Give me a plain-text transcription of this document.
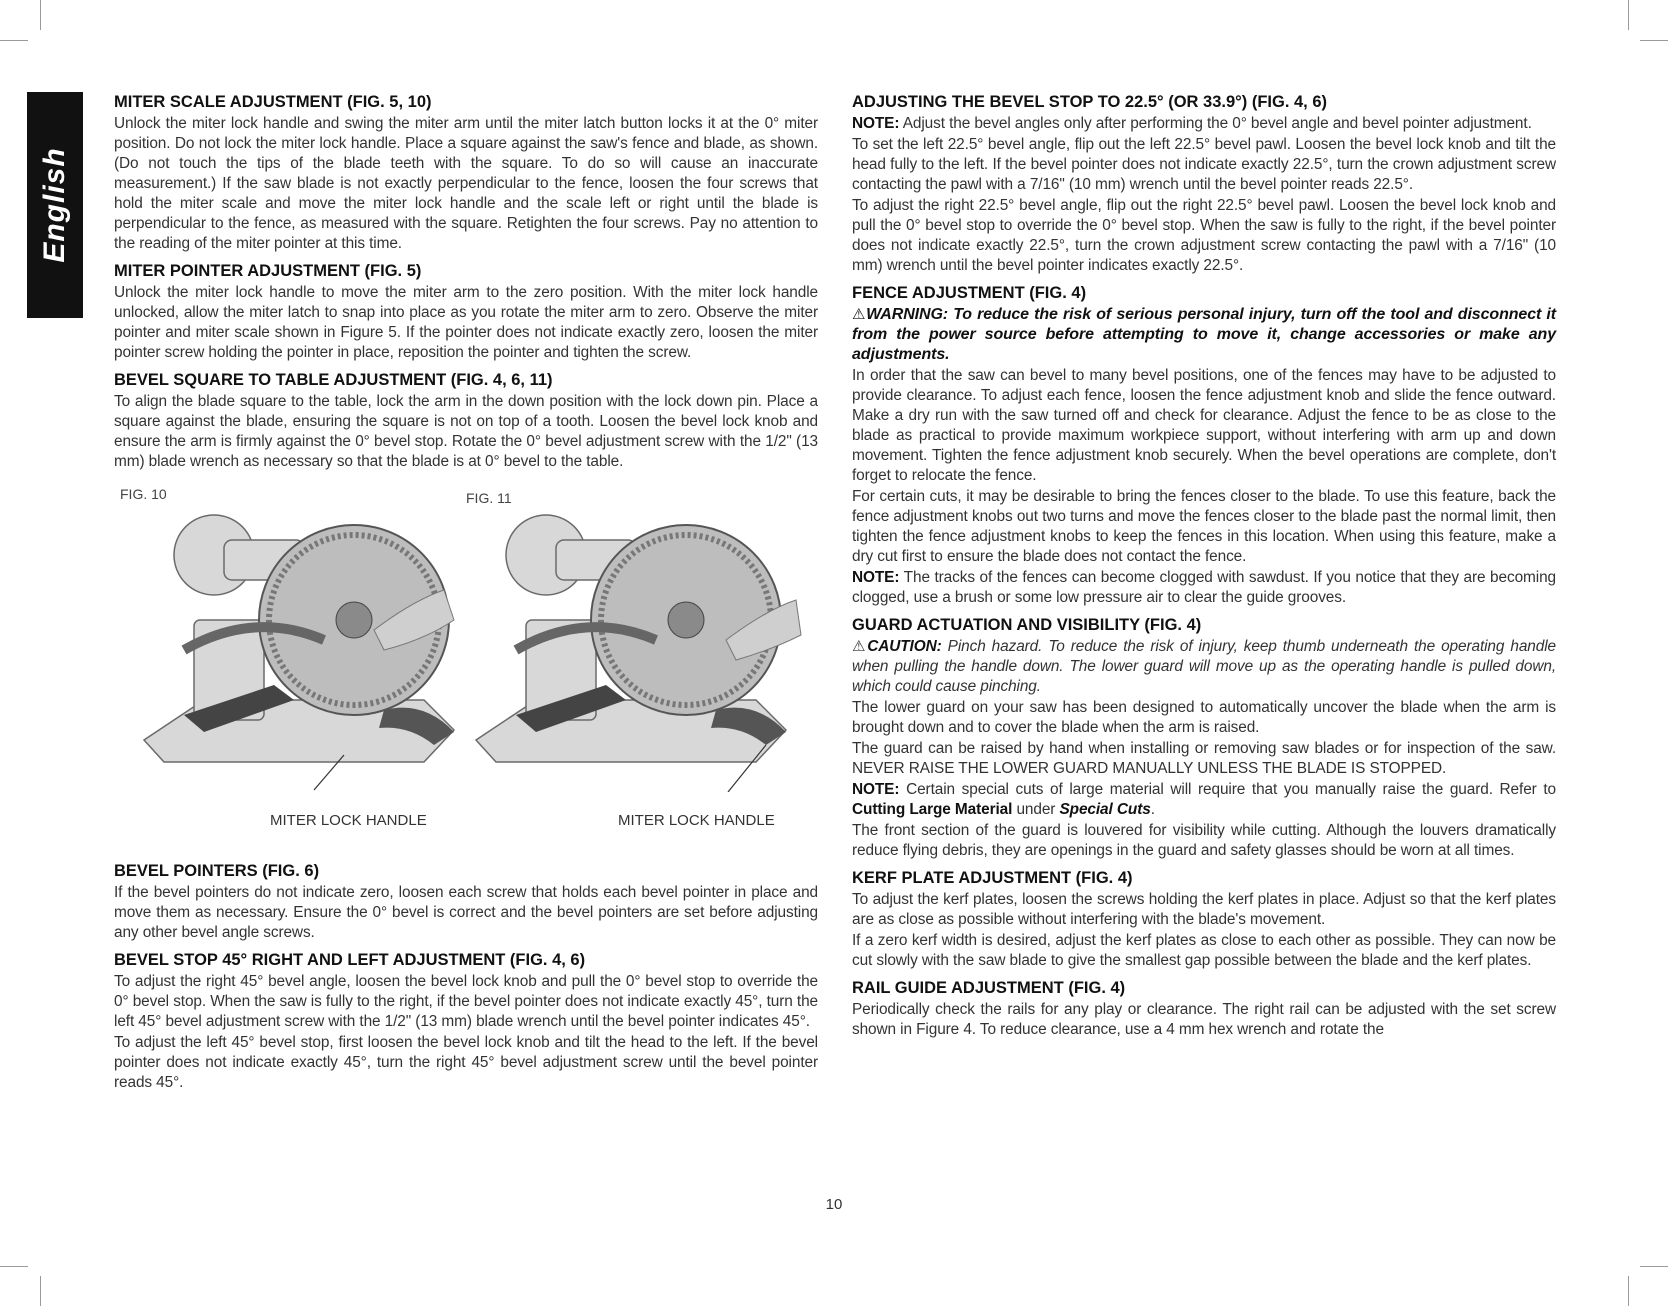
English
MITER SCALE ADJUSTMENT (FIG. 5, 10)

Unlock the miter lock handle and swing the miter arm until the miter latch button locks it at the 0° miter position. Do not lock the miter lock handle. Place a square against the saw's fence and blade, as shown. (Do not touch the tips of the blade teeth with the square. To do so will cause an inaccurate measurement.) If the saw blade is not exactly perpendicular to the fence, loosen the four screws that hold the miter scale and move the miter lock handle and the scale left or right until the blade is perpendicular to the fence, as measured with the square. Retighten the four screws. Pay no attention to the reading of the miter pointer at this time.

MITER POINTER ADJUSTMENT (FIG. 5)

Unlock the miter lock handle to move the miter arm to the zero position. With the miter lock handle unlocked, allow the miter latch to snap into place as you rotate the miter arm to zero. Observe the miter pointer and miter scale shown in Figure 5. If the pointer does not indicate exactly zero, loosen the miter pointer screw holding the pointer in place, reposition the pointer and tighten the screw.

BEVEL SQUARE TO TABLE ADJUSTMENT (FIG. 4, 6, 11)

To align the blade square to the table, lock the arm in the down position with the lock down pin. Place a square against the blade, ensuring the square is not on top of a tooth. Loosen the bevel lock knob and ensure the arm is firmly against the 0° bevel stop. Rotate the 0° bevel adjustment screw with the 1/2" (13 mm) blade wrench as necessary so that the blade is at 0° bevel to the table.

FIG. 10	FIG. 11
MITER LOCK HANDLE	MITER LOCK HANDLE
BEVEL POINTERS (FIG. 6)

If the bevel pointers do not indicate zero, loosen each screw that holds each bevel pointer in place and move them as necessary. Ensure the 0° bevel is correct and the bevel pointers are set before adjusting any other bevel angle screws.

BEVEL STOP 45° RIGHT AND LEFT ADJUSTMENT (FIG. 4, 6)

To adjust the right 45° bevel angle, loosen the bevel lock knob and pull the 0° bevel stop to override the 0° bevel stop. When the saw is fully to the right, if the bevel pointer does not indicate exactly 45°, turn the left 45° bevel adjustment screw with the 1/2" (13 mm) blade wrench until the bevel pointer indicates 45°.

To adjust the left 45° bevel stop, first loosen the bevel lock knob and tilt the head to the left. If the bevel pointer does not indicate exactly 45°, turn the right 45° bevel adjustment screw until the bevel pointer reads 45°.

ADJUSTING THE BEVEL STOP TO 22.5° (OR 33.9°) (FIG. 4, 6)

NOTE: Adjust the bevel angles only after performing the 0° bevel angle and bevel pointer adjustment.

To set the left 22.5° bevel angle, flip out the left 22.5° bevel pawl. Loosen the bevel lock knob and tilt the head fully to the left. If the bevel pointer does not indicate exactly 22.5°, turn the crown adjustment screw contacting the pawl with a 7/16" (10 mm) wrench until the bevel pointer reads 22.5°.

To adjust the right 22.5° bevel angle, flip out the right 22.5° bevel pawl. Loosen the bevel lock knob and pull the 0° bevel stop to override the 0° bevel stop. When the saw is fully to the right, if the bevel pointer does not indicate exactly 22.5°, turn the crown adjustment screw contacting the pawl with a 7/16" (10 mm) wrench until the bevel pointer indicates exactly 22.5°.

FENCE ADJUSTMENT (FIG. 4)

⚠WARNING: To reduce the risk of serious personal injury, turn off the tool and disconnect it from the power source before attempting to move it, change accessories or make any adjustments.

In order that the saw can bevel to many bevel positions, one of the fences may have to be adjusted to provide clearance. To adjust each fence, loosen the fence adjustment knob and slide the fence outward. Make a dry run with the saw turned off and check for clearance. Adjust the fence to be as close to the blade as practical to provide maximum workpiece support, without interfering with arm up and down movement. Tighten the fence adjustment knob securely. When the bevel operations are complete, don't forget to relocate the fence.

For certain cuts, it may be desirable to bring the fences closer to the blade. To use this feature, back the fence adjustment knobs out two turns and move the fences closer to the blade past the normal limit, then tighten the fence adjustment knobs to keep the fences in this location. When using this feature, make a dry cut first to ensure the blade does not contact the fence.

NOTE: The tracks of the fences can become clogged with sawdust. If you notice that they are becoming clogged, use a brush or some low pressure air to clear the guide grooves.

GUARD ACTUATION AND VISIBILITY (FIG. 4)

⚠CAUTION: Pinch hazard. To reduce the risk of injury, keep thumb underneath the operating handle when pulling the handle down. The lower guard will move up as the operating handle is pulled down, which could cause pinching.

The lower guard on your saw has been designed to automatically uncover the blade when the arm is brought down and to cover the blade when the arm is raised.

The guard can be raised by hand when installing or removing saw blades or for inspection of the saw. NEVER RAISE THE LOWER GUARD MANUALLY UNLESS THE BLADE IS STOPPED.

NOTE: Certain special cuts of large material will require that you manually raise the guard. Refer to Cutting Large Material under Special Cuts.

The front section of the guard is louvered for visibility while cutting. Although the louvers dramatically reduce flying debris, they are openings in the guard and safety glasses should be worn at all times.

KERF PLATE ADJUSTMENT (FIG. 4)

To adjust the kerf plates, loosen the screws holding the kerf plates in place. Adjust so that the kerf plates are as close as possible without interfering with the blade's movement.

If a zero kerf width is desired, adjust the kerf plates as close to each other as possible. They can now be cut slowly with the saw blade to give the smallest gap possible between the blade and the kerf plates.

RAIL GUIDE ADJUSTMENT (FIG. 4)

Periodically check the rails for any play or clearance. The right rail can be adjusted with the set screw shown in Figure 4. To reduce clearance, use a 4 mm hex wrench and rotate the

10
